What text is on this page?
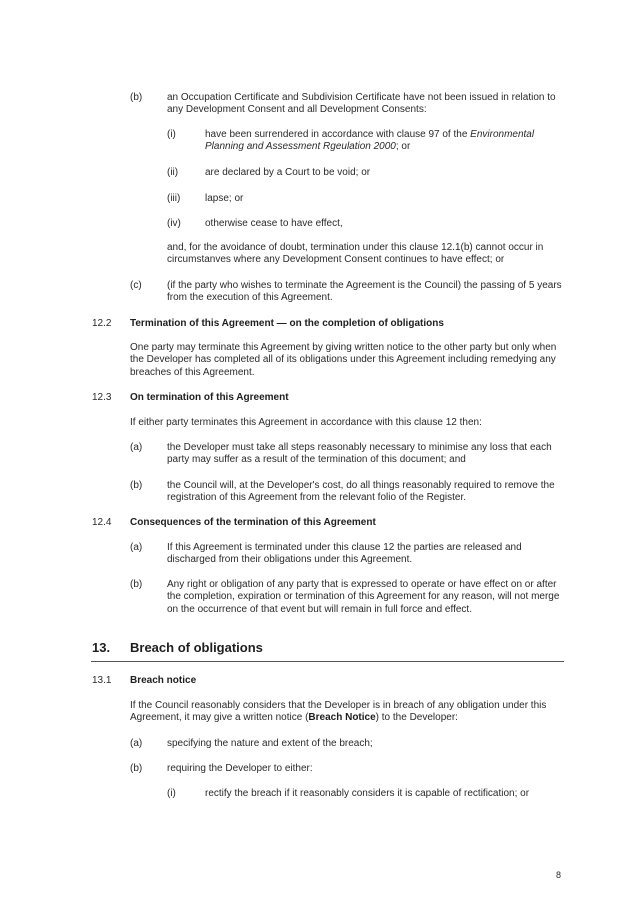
(b) an Occupation Certificate and Subdivision Certificate have not been issued in relation to any Development Consent and all Development Consents:

(i)	have been surrendered in accordance with clause 97 of the Environmental Planning and Assessment Rgeulation 2000; or

(ii)	are declared by a Court to be void; or

(iii) lapse; or

(iv) otherwise cease to have effect,

and, for the avoidance of doubt, termination under this clause 12.1(b) cannot occur in circumstanves where any Development Consent continues to have effect; or

(c)	(if the party who wishes to terminate the Agreement is the Council) the passing of 5 years from the execution of this Agreement.

12.2 Termination of this Agreement — on the completion of obligations

One party may terminate this Agreement by giving written notice to the other party but only when the Developer has completed all of its obligations under this Agreement including remedying any breaches of this Agreement.

12.3 On termination of this Agreement

If either party terminates this Agreement in accordance with this clause 12 then:

(a) the Developer must take all steps reasonably necessary to minimise any loss that each party may suffer as a result of the termination of this document; and

(b) the Council will, at the Developer's cost, do all things reasonably required to remove the registration of this Agreement from the relevant folio of the Register.

12.4 Consequences of the termination of this Agreement
(a) If this Agreement is terminated under this clause 12 the parties are released and discharged from their obligations under this Agreement.

(b) Any right or obligation of any party that is expressed to operate or have effect on or after the completion, expiration or termination of this Agreement for any reason, will not merge on the occurrence of that event but will remain in full force and effect.

13. Breach of obligations
13.1 Breach notice

If the Council reasonably considers that the Developer is in breach of any obligation under this Agreement, it may give a written notice (Breach Notice) to the Developer:

(a) specifying the nature and extent of the breach;

(b) requiring the Developer to either:

(i)	rectify the breach if it reasonably considers it is capable of rectification; or

8
